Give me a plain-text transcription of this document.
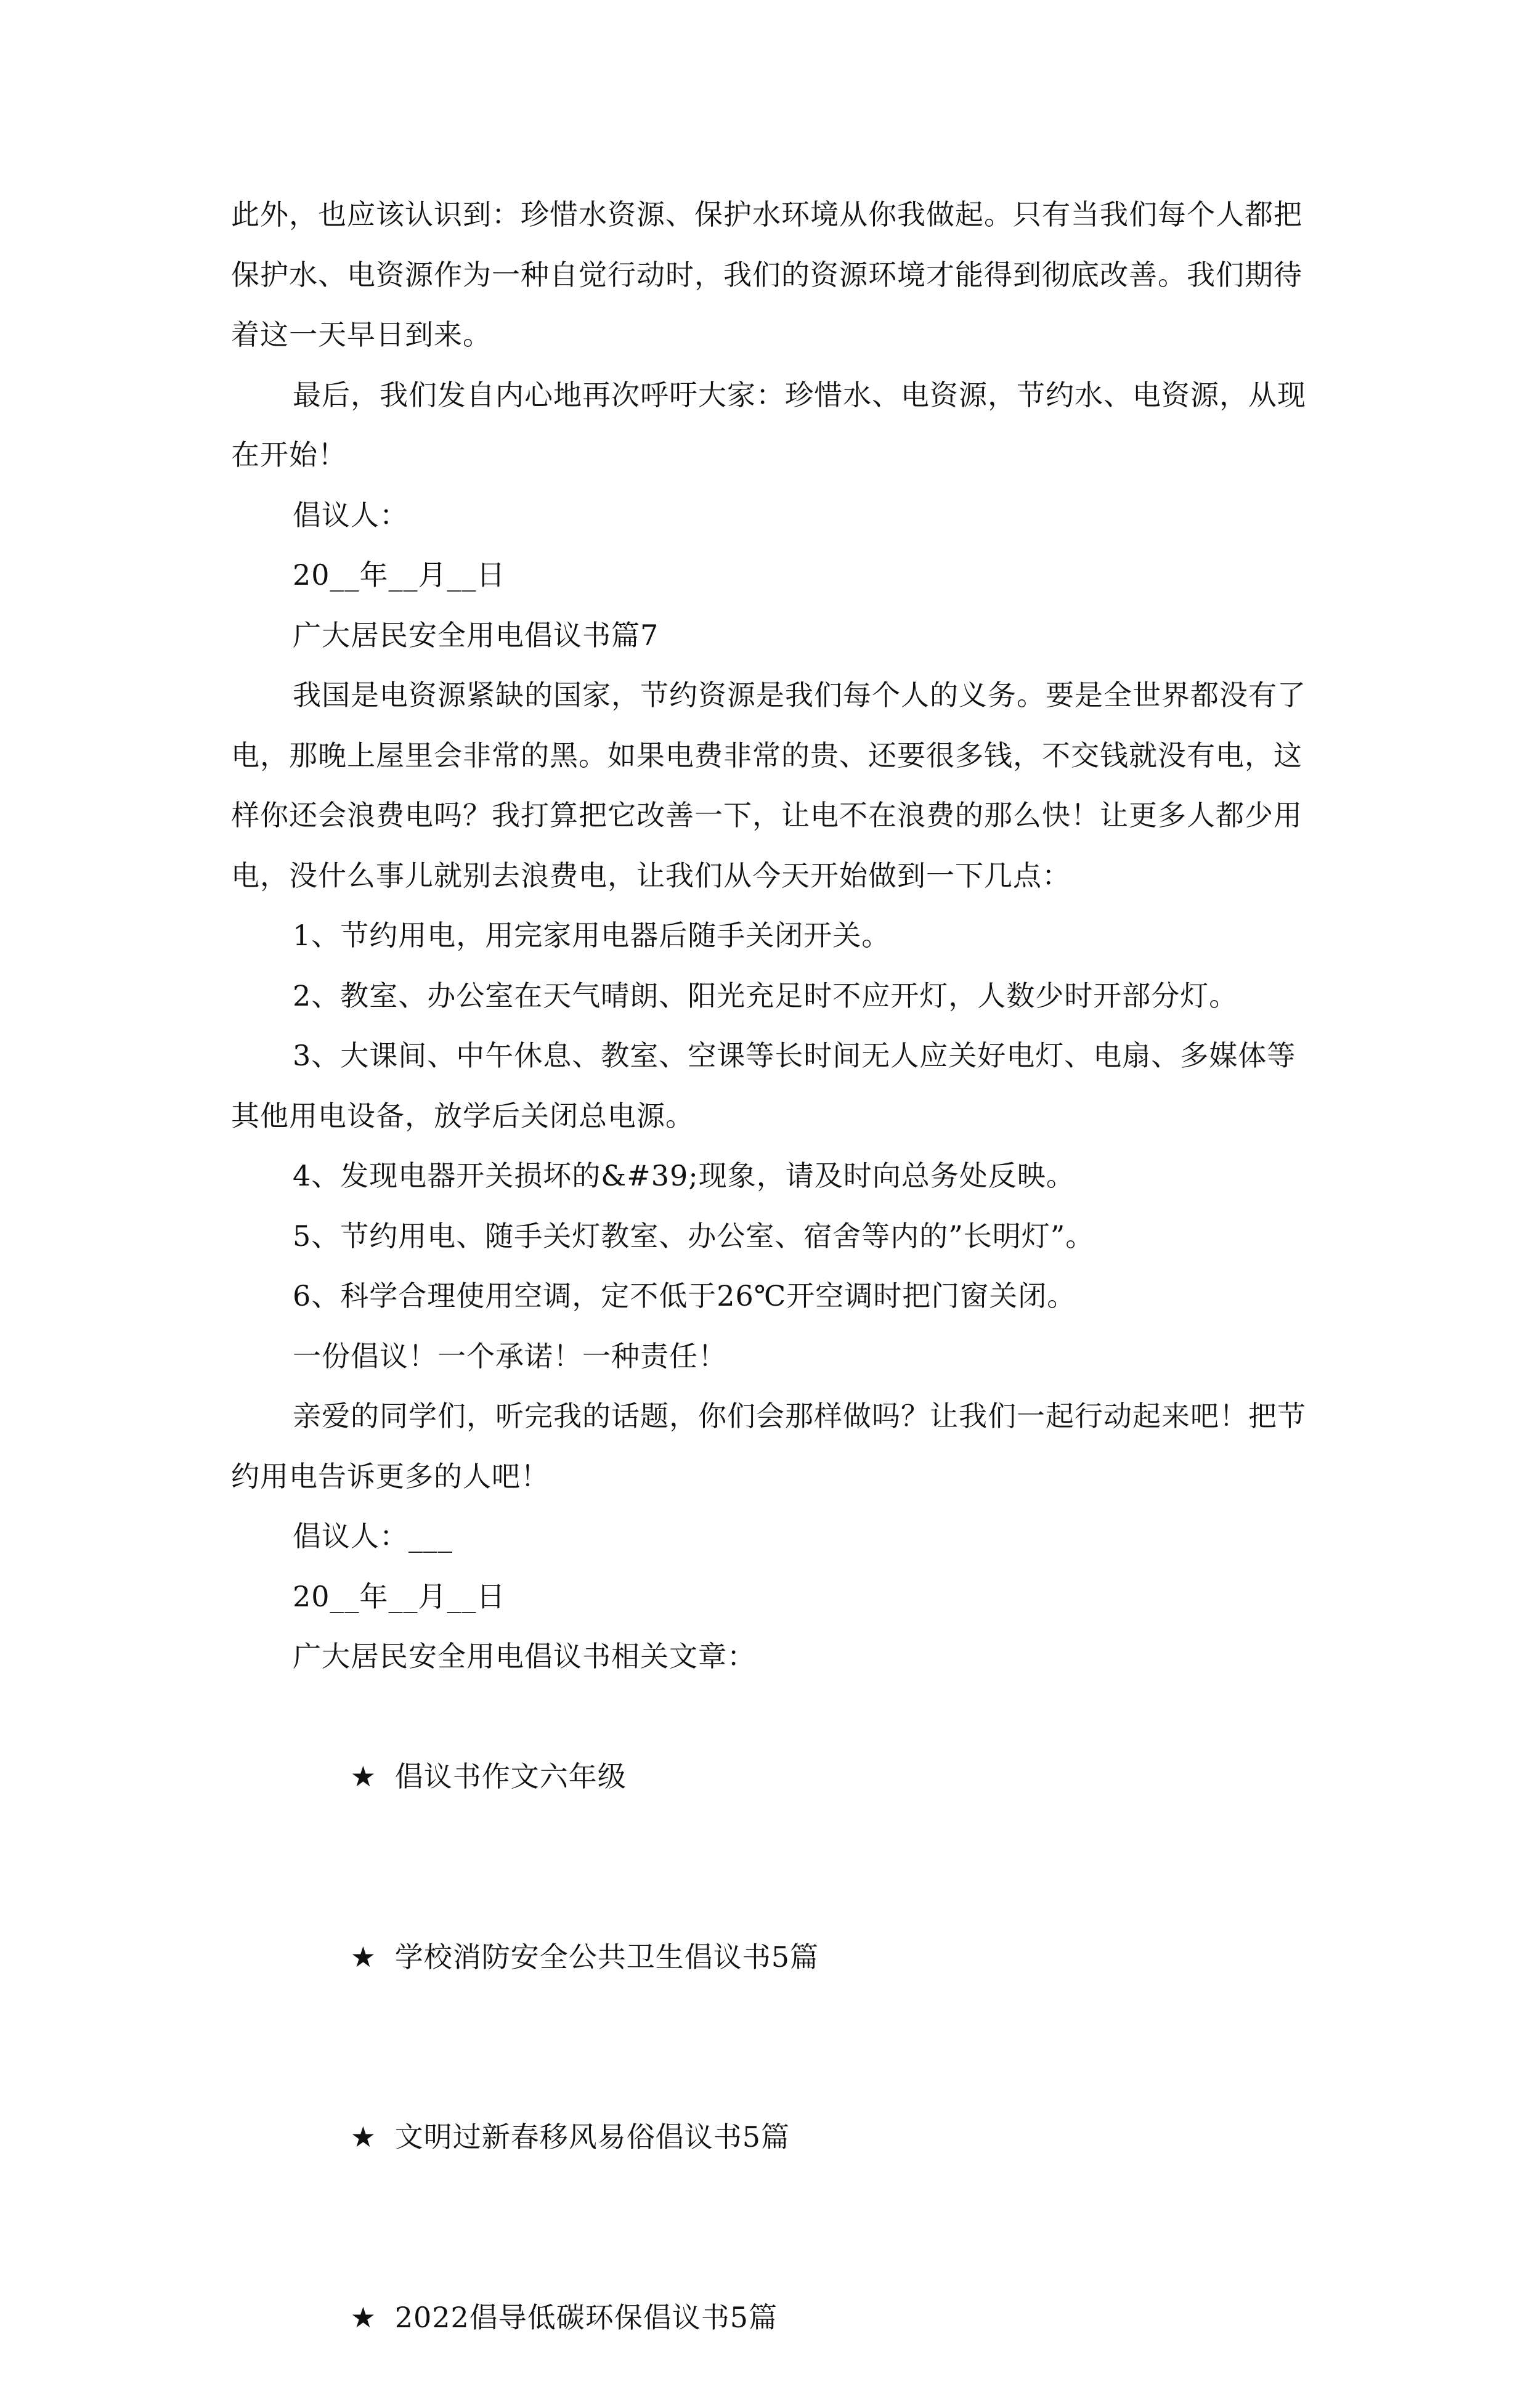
此外，也应该认识到：珍惜水资源、保护水环境从你我做起。只有当我们每个人都把保护水、电资源作为一种自觉行动时，我们的资源环境才能得到彻底改善。我们期待着这一天早日到来。

最后，我们发自内心地再次呼吁大家：珍惜水、电资源，节约水、电资源，从现在开始！

倡议人：

20__年__月__日

广大居民安全用电倡议书篇7

我国是电资源紧缺的国家，节约资源是我们每个人的义务。要是全世界都没有了电，那晚上屋里会非常的黑。如果电费非常的贵、还要很多钱，不交钱就没有电，这样你还会浪费电吗？我打算把它改善一下，让电不在浪费的那么快！让更多人都少用电，没什么事儿就别去浪费电，让我们从今天开始做到一下几点：

1、节约用电，用完家用电器后随手关闭开关。

2、教室、办公室在天气晴朗、阳光充足时不应开灯，人数少时开部分灯。

3、大课间、中午休息、教室、空课等长时间无人应关好电灯、电扇、多媒体等其他用电设备，放学后关闭总电源。

4、发现电器开关损坏的&#39;现象，请及时向总务处反映。

5、节约用电、随手关灯教室、办公室、宿舍等内的”长明灯”。

6、科学合理使用空调，定不低于26℃开空调时把门窗关闭。

一份倡议！一个承诺！一种责任！

亲爱的同学们，听完我的话题，你们会那样做吗？让我们一起行动起来吧！把节约用电告诉更多的人吧！

倡议人：___

20__年__月__日

广大居民安全用电倡议书相关文章：

★ 倡议书作文六年级

★ 学校消防安全公共卫生倡议书5篇

★ 文明过新春移风易俗倡议书5篇

★ 2022倡导低碳环保倡议书5篇
